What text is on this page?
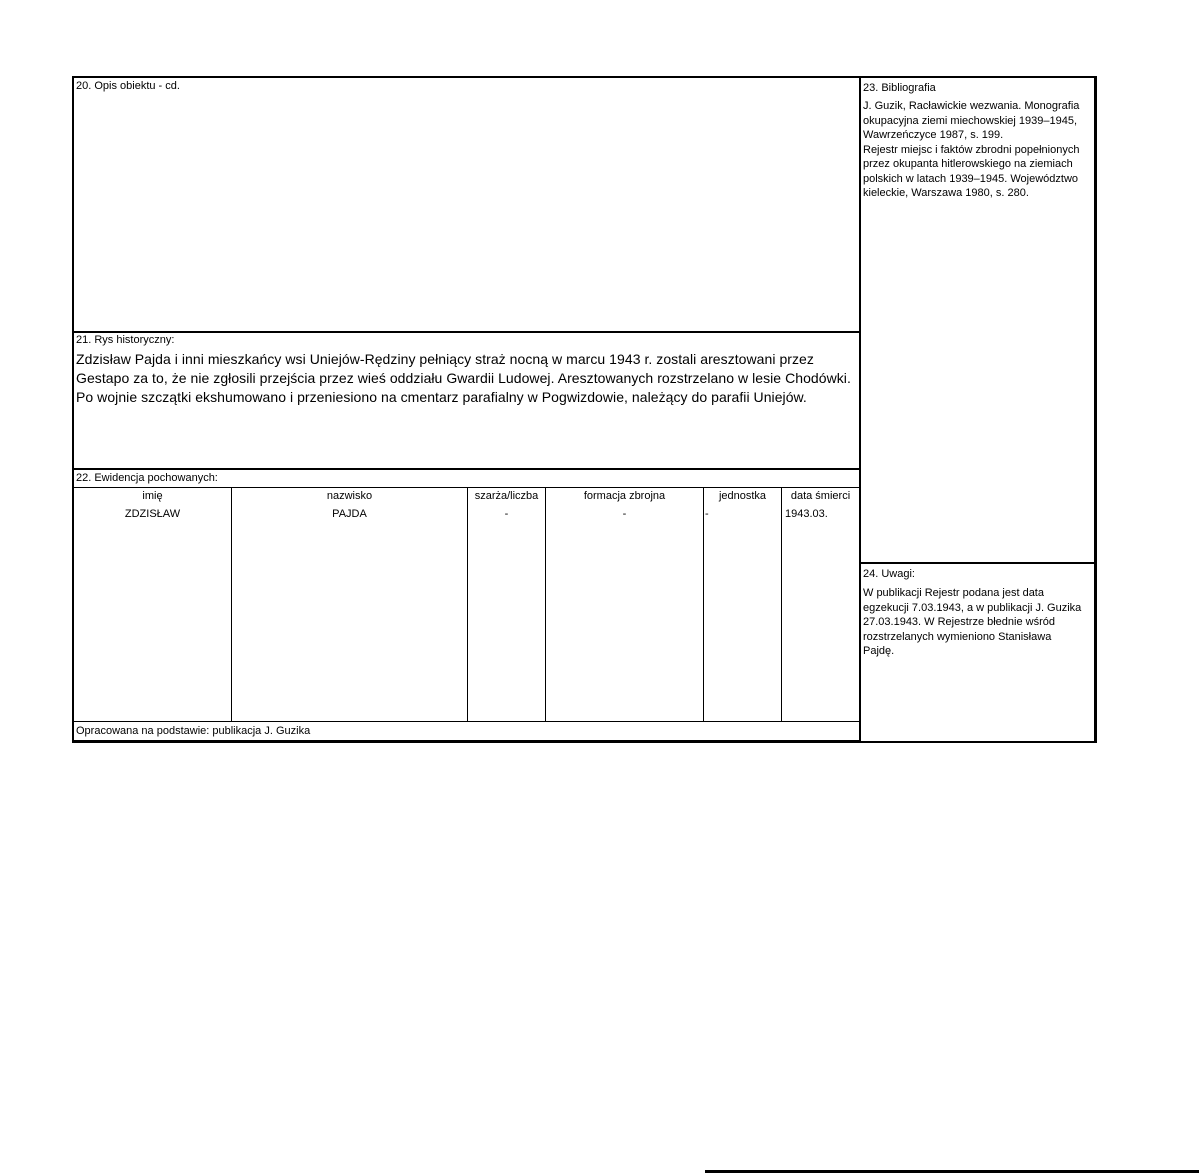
20. Opis obiektu - cd.
21. Rys historyczny:
Zdzisław Pajda i inni mieszkańcy wsi Uniejów-Rędziny pełniący straż nocną w marcu 1943 r. zostali aresztowani przez
Gestapo za to, że nie zgłosili przejścia przez wieś oddziału Gwardii Ludowej. Aresztowanych rozstrzelano w lesie Chodówki.
Po wojnie szczątki ekshumowano i przeniesiono na cmentarz parafialny w Pogwizdowie, należący do parafii Uniejów.
22. Ewidencja pochowanych:
imię
ZDZISŁAW
nazwisko
PAJDA
szarża/liczba
-
formacja zbrojna
-
jednostka
-
data śmierci
1943.03.
Opracowana na podstawie: publikacja J. Guzika
23. Bibliografia
J. Guzik, Racławickie wezwania. Monografia
okupacyjna ziemi miechowskiej 1939–1945,
Wawrzeńczyce 1987, s. 199.
Rejestr miejsc i faktów zbrodni popełnionych
przez okupanta hitlerowskiego na ziemiach
polskich w latach 1939–1945. Województwo
kieleckie, Warszawa 1980, s. 280.
24. Uwagi:
W publikacji Rejestr podana jest data
egzekucji 7.03.1943, a w publikacji J. Guzika
27.03.1943. W Rejestrze błednie wśród
rozstrzelanych wymieniono Stanisława
Pajdę.
